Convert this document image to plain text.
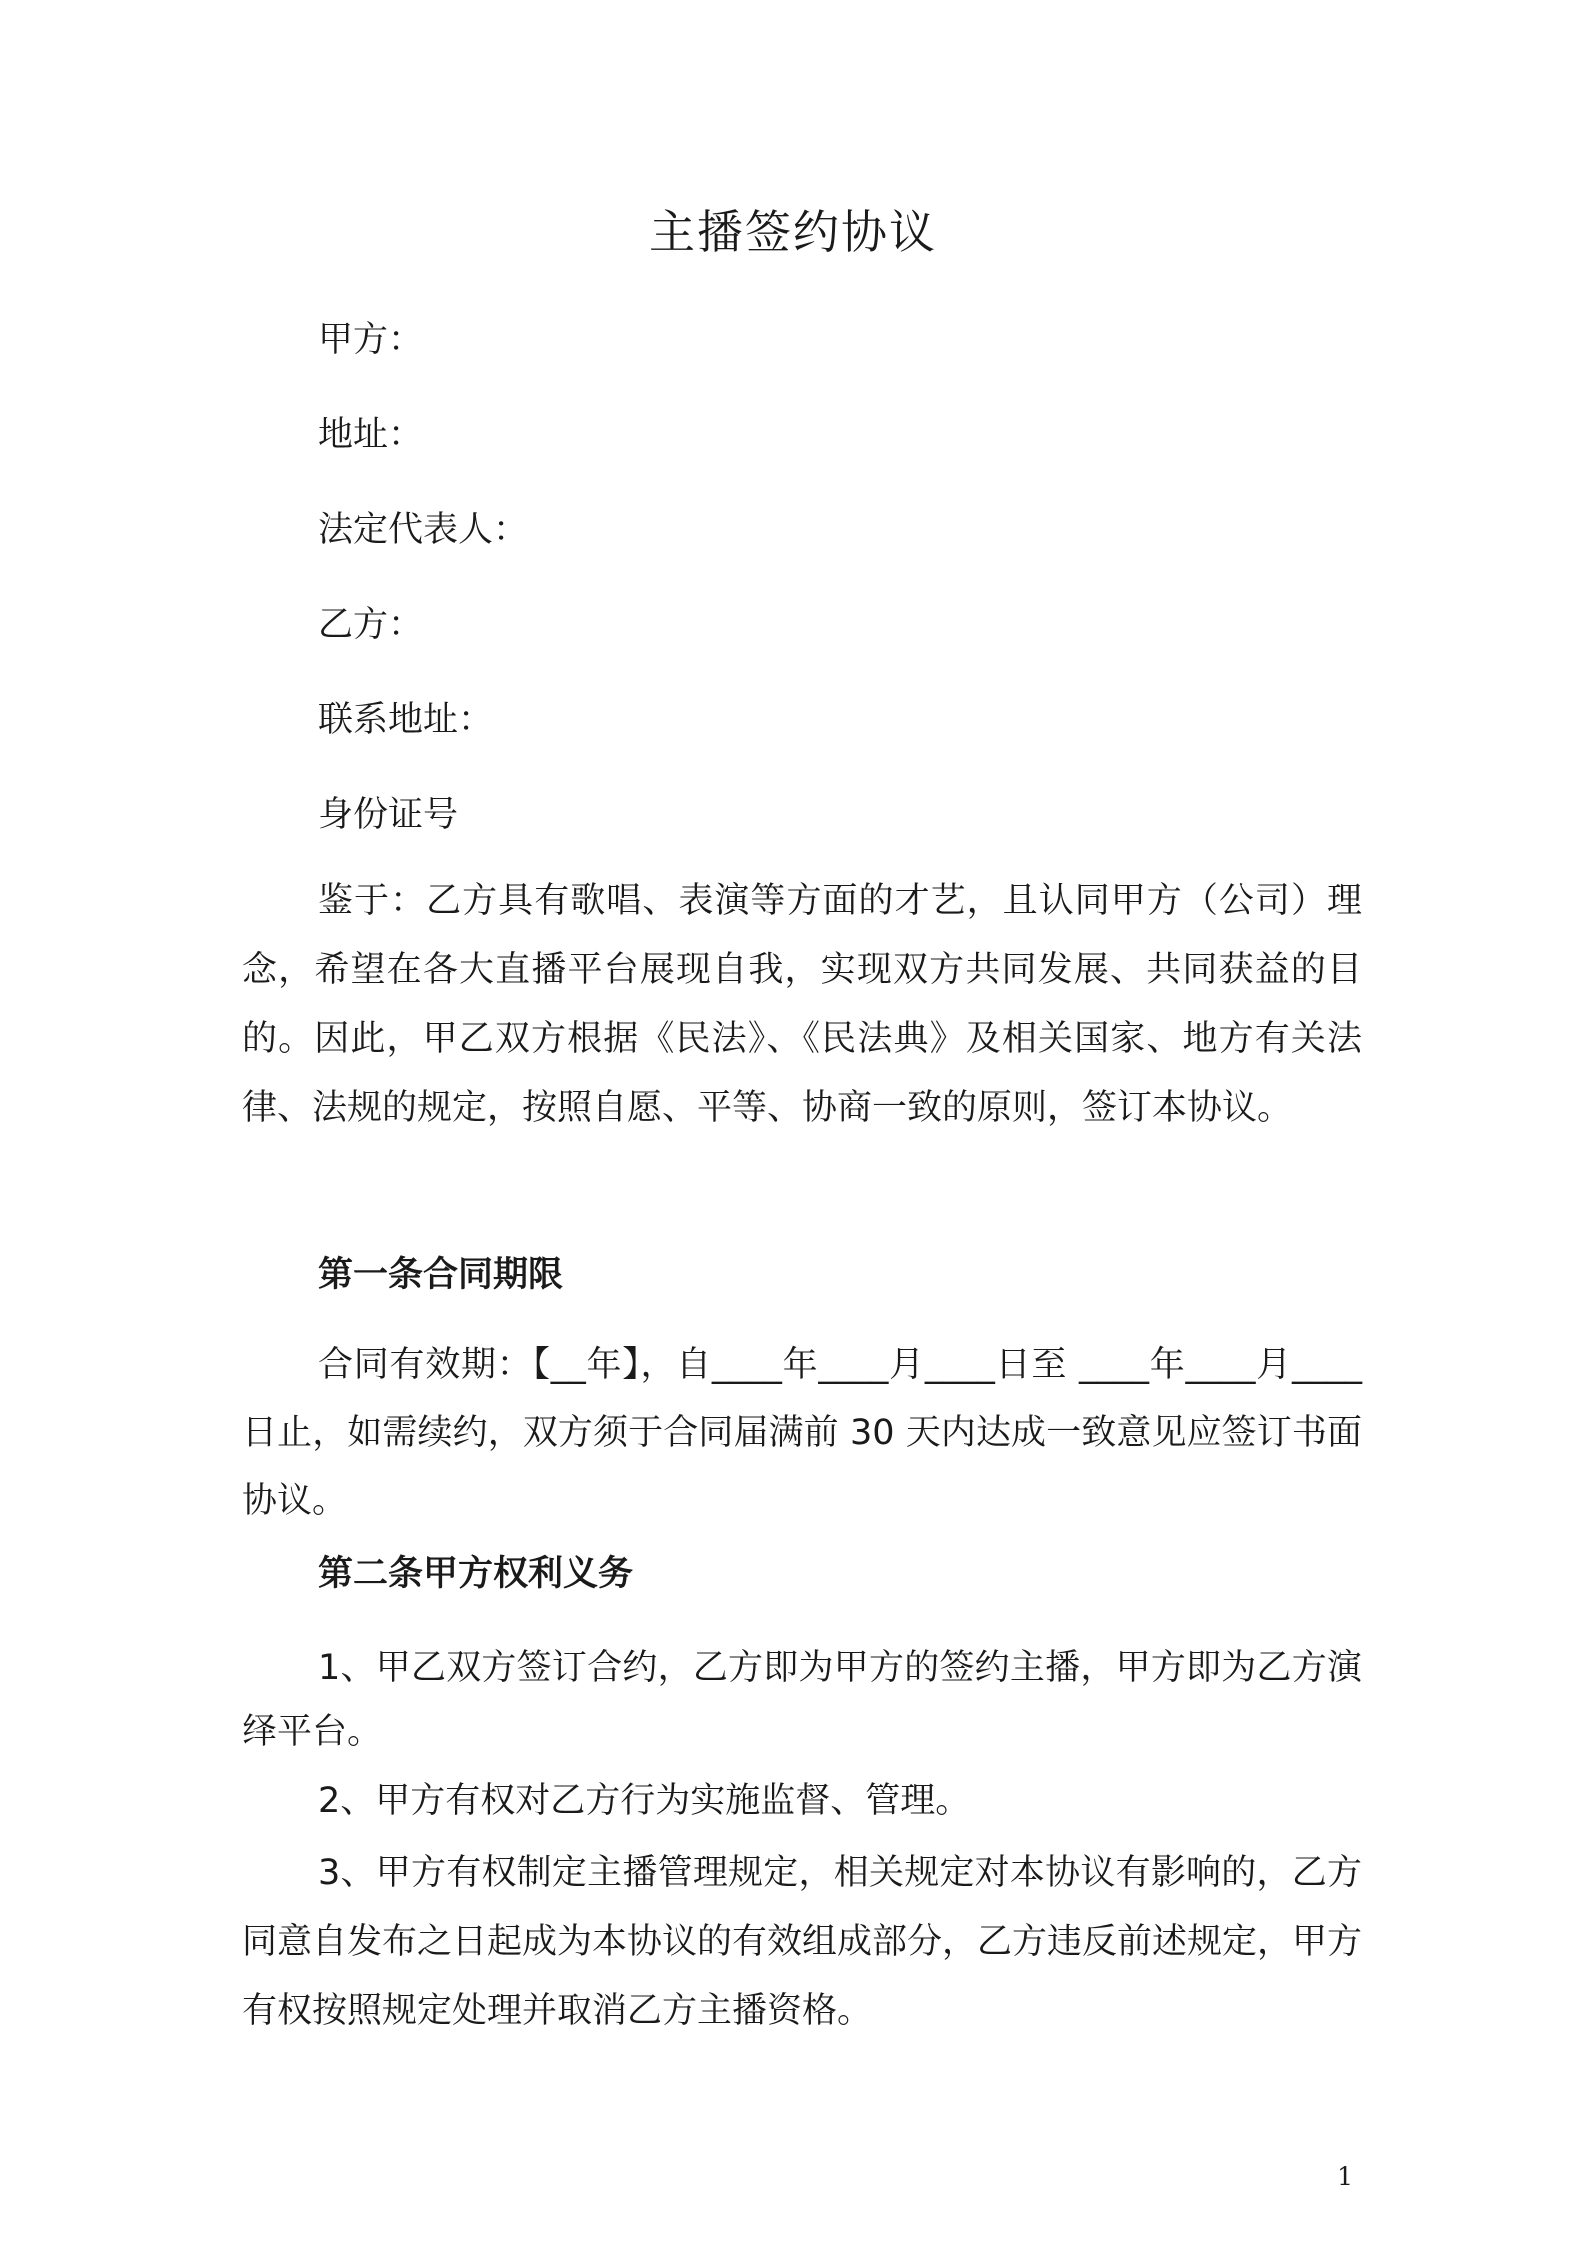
主播签约协议
甲方：
地址：
法定代表人：
乙方：
联系地址：
身份证号

鉴于：乙方具有歌唱、表演等方面的才艺，且认同甲方（公司）理念，希望在各大直播平台展现自我，实现双方共同发展、共同获益的目的。因此，甲乙双方根据《民法》、《民法典》及相关国家、地方有关法律、法规的规定，按照自愿、平等、协商一致的原则，签订本协议。

第一条合同期限

合同有效期：【__年】，自____年____月____日至 ____年____月____日止，如需续约，双方须于合同届满前 30 天内达成一致意见应签订书面协议。

第二条甲方权利义务

1、甲乙双方签订合约，乙方即为甲方的签约主播，甲方即为乙方演绎平台。

2、甲方有权对乙方行为实施监督、管理。

3、甲方有权制定主播管理规定，相关规定对本协议有影响的，乙方同意自发布之日起成为本协议的有效组成部分，乙方违反前述规定，甲方有权按照规定处理并取消乙方主播资格。

1
